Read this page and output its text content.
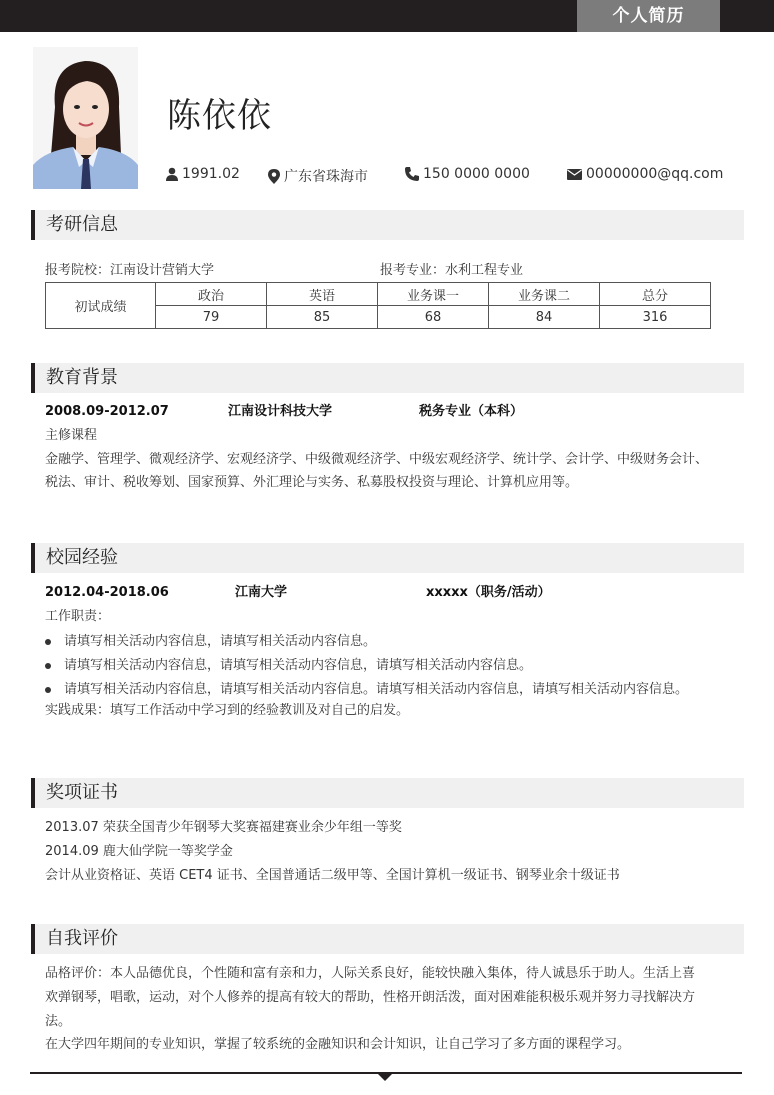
个人简历
陈依依
1991.02	广东省珠海市	150 0000 0000	00000000@qq.com
考研信息
报考院校：江南设计营销大学	报考专业：水利工程专业
初试成绩	政治	英语	业务课一	业务课二	总分
	79	85	68	84	316
教育背景
2008.09-2012.07	江南设计科技大学	税务专业（本科）
主修课程
金融学、管理学、微观经济学、宏观经济学、中级微观经济学、中级宏观经济学、统计学、会计学、中级财务会计、
税法、审计、税收筹划、国家预算、外汇理论与实务、私募股权投资与理论、计算机应用等。
校园经验
2012.04-2018.06	江南大学	xxxxx（职务/活动）
工作职责：
请填写相关活动内容信息，请填写相关活动内容信息。
请填写相关活动内容信息，请填写相关活动内容信息，请填写相关活动内容信息。
请填写相关活动内容信息，请填写相关活动内容信息。请填写相关活动内容信息，请填写相关活动内容信息。
实践成果：填写工作活动中学习到的经验教训及对自己的启发。
奖项证书
2013.07 荣获全国青少年钢琴大奖赛福建赛业余少年组一等奖
2014.09 鹿大仙学院一等奖学金
会计从业资格证、英语 CET4 证书、全国普通话二级甲等、全国计算机一级证书、钢琴业余十级证书
自我评价
品格评价：本人品德优良，个性随和富有亲和力，人际关系良好，能较快融入集体，待人诚恳乐于助人。生活上喜
欢弹钢琴，唱歌，运动，对个人修养的提高有较大的帮助，性格开朗活泼，面对困难能积极乐观并努力寻找解决方
法。
在大学四年期间的专业知识，掌握了较系统的金融知识和会计知识，让自己学习了多方面的课程学习。
